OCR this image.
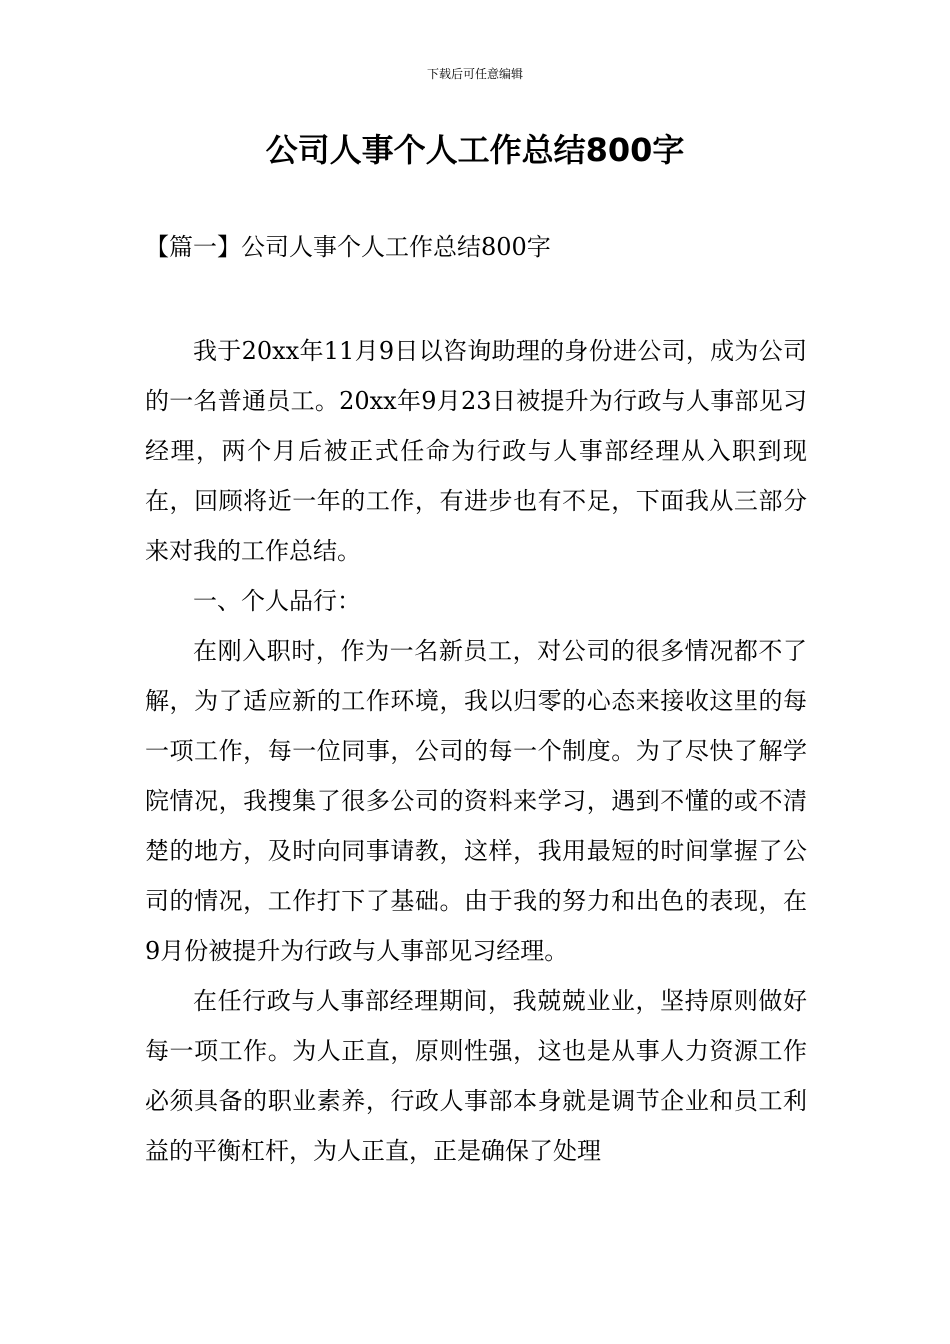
下载后可任意编辑
公司人事个人工作总结800字
【篇一】公司人事个人工作总结800字

我于20xx年11月9日以咨询助理的身份进公司，成为公司的一名普通员工。20xx年9月23日被提升为行政与人事部见习经理，两个月后被正式任命为行政与人事部经理从入职到现在，回顾将近一年的工作，有进步也有不足，下面我从三部分来对我的工作总结。

一、个人品行：

在刚入职时，作为一名新员工，对公司的很多情况都不了解，为了适应新的工作环境，我以归零的心态来接收这里的每一项工作，每一位同事，公司的每一个制度。为了尽快了解学院情况，我搜集了很多公司的资料来学习，遇到不懂的或不清楚的地方，及时向同事请教，这样，我用最短的时间掌握了公司的情况，工作打下了基础。由于我的努力和出色的表现，在9月份被提升为行政与人事部见习经理。

在任行政与人事部经理期间，我兢兢业业，坚持原则做好每一项工作。为人正直，原则性强，这也是从事人力资源工作必须具备的职业素养，行政人事部本身就是调节企业和员工利益的平衡杠杆，为人正直，正是确保了处理
